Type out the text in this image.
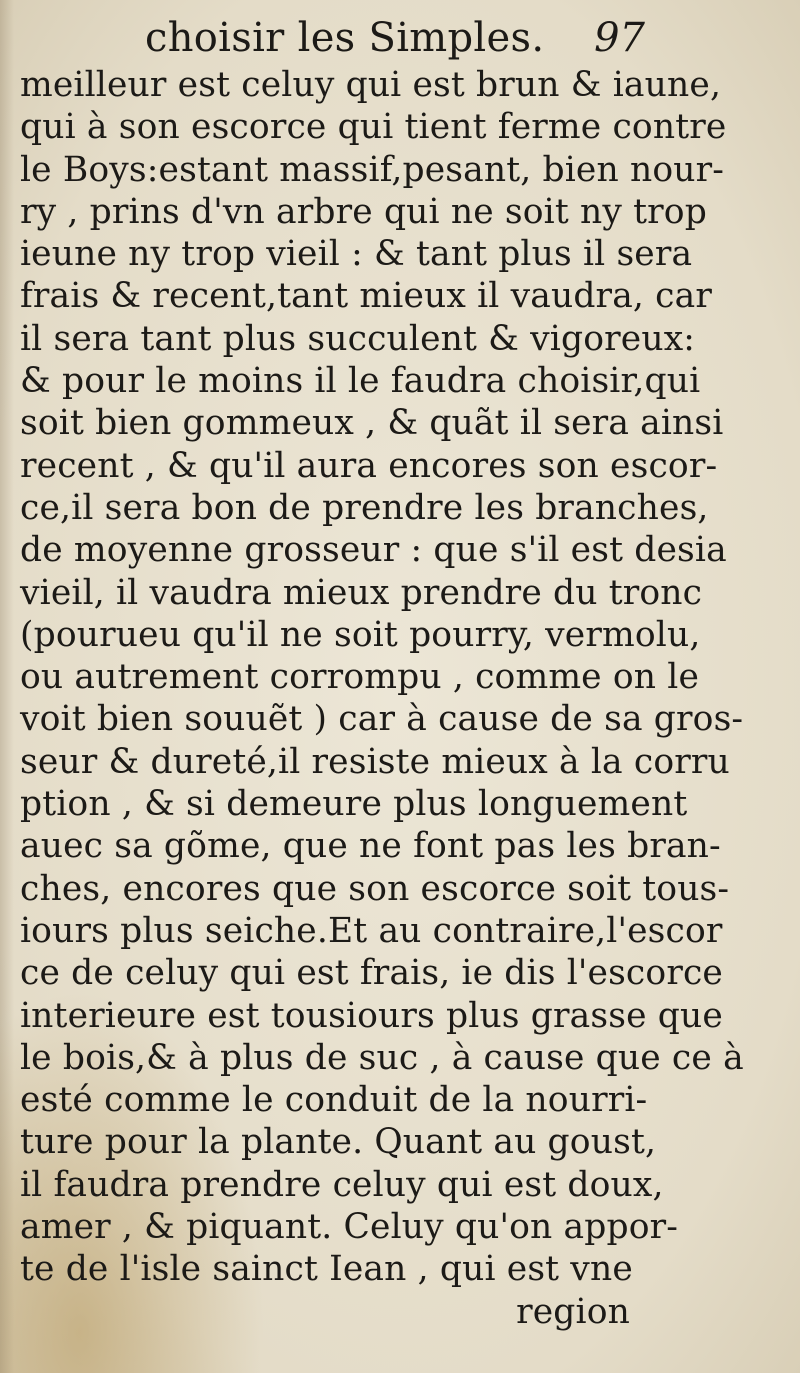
choisir les Simples. 97
meilleur est celuy qui est brun & iaune,
qui à son escorce qui tient ferme contre
le Boys:estant massif,pesant, bien nour-
ry , prins d'vn arbre qui ne soit ny trop
ieune ny trop vieil : & tant plus il sera
frais & recent,tant mieux il vaudra, car
il sera tant plus succulent & vigoreux:
& pour le moins il le faudra choisir,qui
soit bien gommeux , & quãt il sera ainsi
recent , & qu'il aura encores son escor-
ce,il sera bon de prendre les branches,
de moyenne grosseur : que s'il est desia
vieil, il vaudra mieux prendre du tronc
(pourueu qu'il ne soit pourry, vermolu,
ou autrement corrompu , comme on le
voit bien souuẽt ) car à cause de sa gros-
seur & dureté,il resiste mieux à la corru
ption , & si demeure plus longuement
auec sa gõme, que ne font pas les bran-
ches, encores que son escorce soit tous-
iours plus seiche.Et au contraire,l'escor
ce de celuy qui est frais, ie dis l'escorce
interieure est tousiours plus grasse que
le bois,& à plus de suc , à cause que ce à
esté comme le conduit de la nourri-
ture pour la plante. Quant au goust,
il faudra prendre celuy qui est doux,
amer , & piquant. Celuy qu'on appor-
te de l'isle sainct Iean , qui est vne
region
